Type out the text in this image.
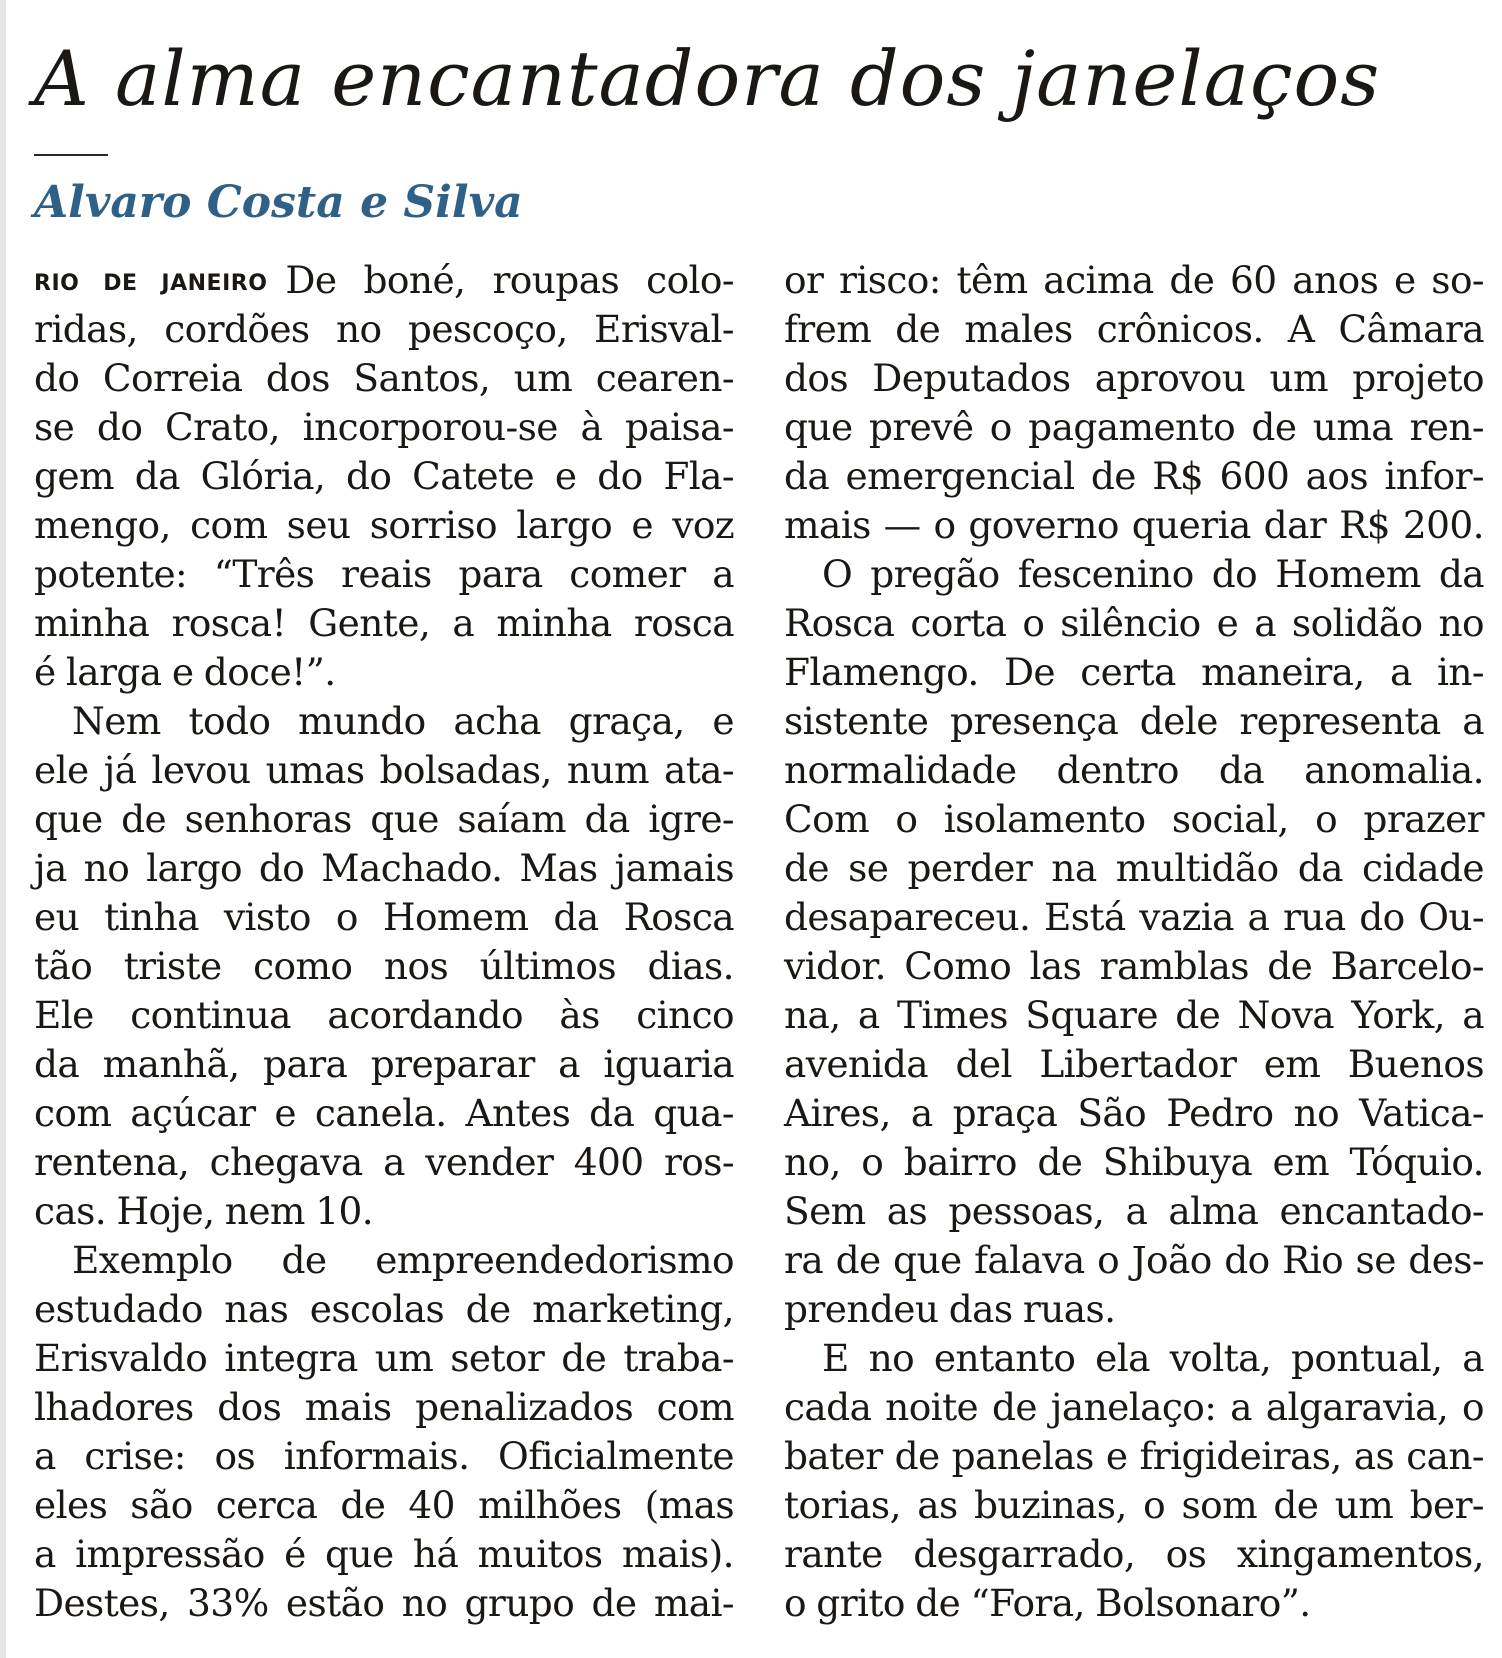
A alma encantadora dos janelaços
Alvaro Costa e Silva
RIO DE JANEIRO De boné, roupas colo-
ridas, cordões no pescoço, Erisval-
do Correia dos Santos, um cearen-
se do Crato, incorporou-se à paisa-
gem da Glória, do Catete e do Fla-
mengo, com seu sorriso largo e voz
potente: “Três reais para comer a
minha rosca! Gente, a minha rosca
é larga e doce!”.
Nem todo mundo acha graça, e
ele já levou umas bolsadas, num ata-
que de senhoras que saíam da igre-
ja no largo do Machado. Mas jamais
eu tinha visto o Homem da Rosca
tão triste como nos últimos dias.
Ele continua acordando às cinco
da manhã, para preparar a iguaria
com açúcar e canela. Antes da qua-
rentena, chegava a vender 400 ros-
cas. Hoje, nem 10.
Exemplo de empreendedorismo
estudado nas escolas de marketing,
Erisvaldo integra um setor de traba-
lhadores dos mais penalizados com
a crise: os informais. Oficialmente
eles são cerca de 40 milhões (mas
a impressão é que há muitos mais).
Destes, 33% estão no grupo de mai-
or risco: têm acima de 60 anos e so-
frem de males crônicos. A Câmara
dos Deputados aprovou um projeto
que prevê o pagamento de uma ren-
da emergencial de R$ 600 aos infor-
mais — o governo queria dar R$ 200.
O pregão fescenino do Homem da
Rosca corta o silêncio e a solidão no
Flamengo. De certa maneira, a in-
sistente presença dele representa a
normalidade dentro da anomalia.
Com o isolamento social, o prazer
de se perder na multidão da cidade
desapareceu. Está vazia a rua do Ou-
vidor. Como las ramblas de Barcelo-
na, a Times Square de Nova York, a
avenida del Libertador em Buenos
Aires, a praça São Pedro no Vatica-
no, o bairro de Shibuya em Tóquio.
Sem as pessoas, a alma encantado-
ra de que falava o João do Rio se des-
prendeu das ruas.
E no entanto ela volta, pontual, a
cada noite de janelaço: a algaravia, o
bater de panelas e frigideiras, as can-
torias, as buzinas, o som de um ber-
rante desgarrado, os xingamentos,
o grito de “Fora, Bolsonaro”.
